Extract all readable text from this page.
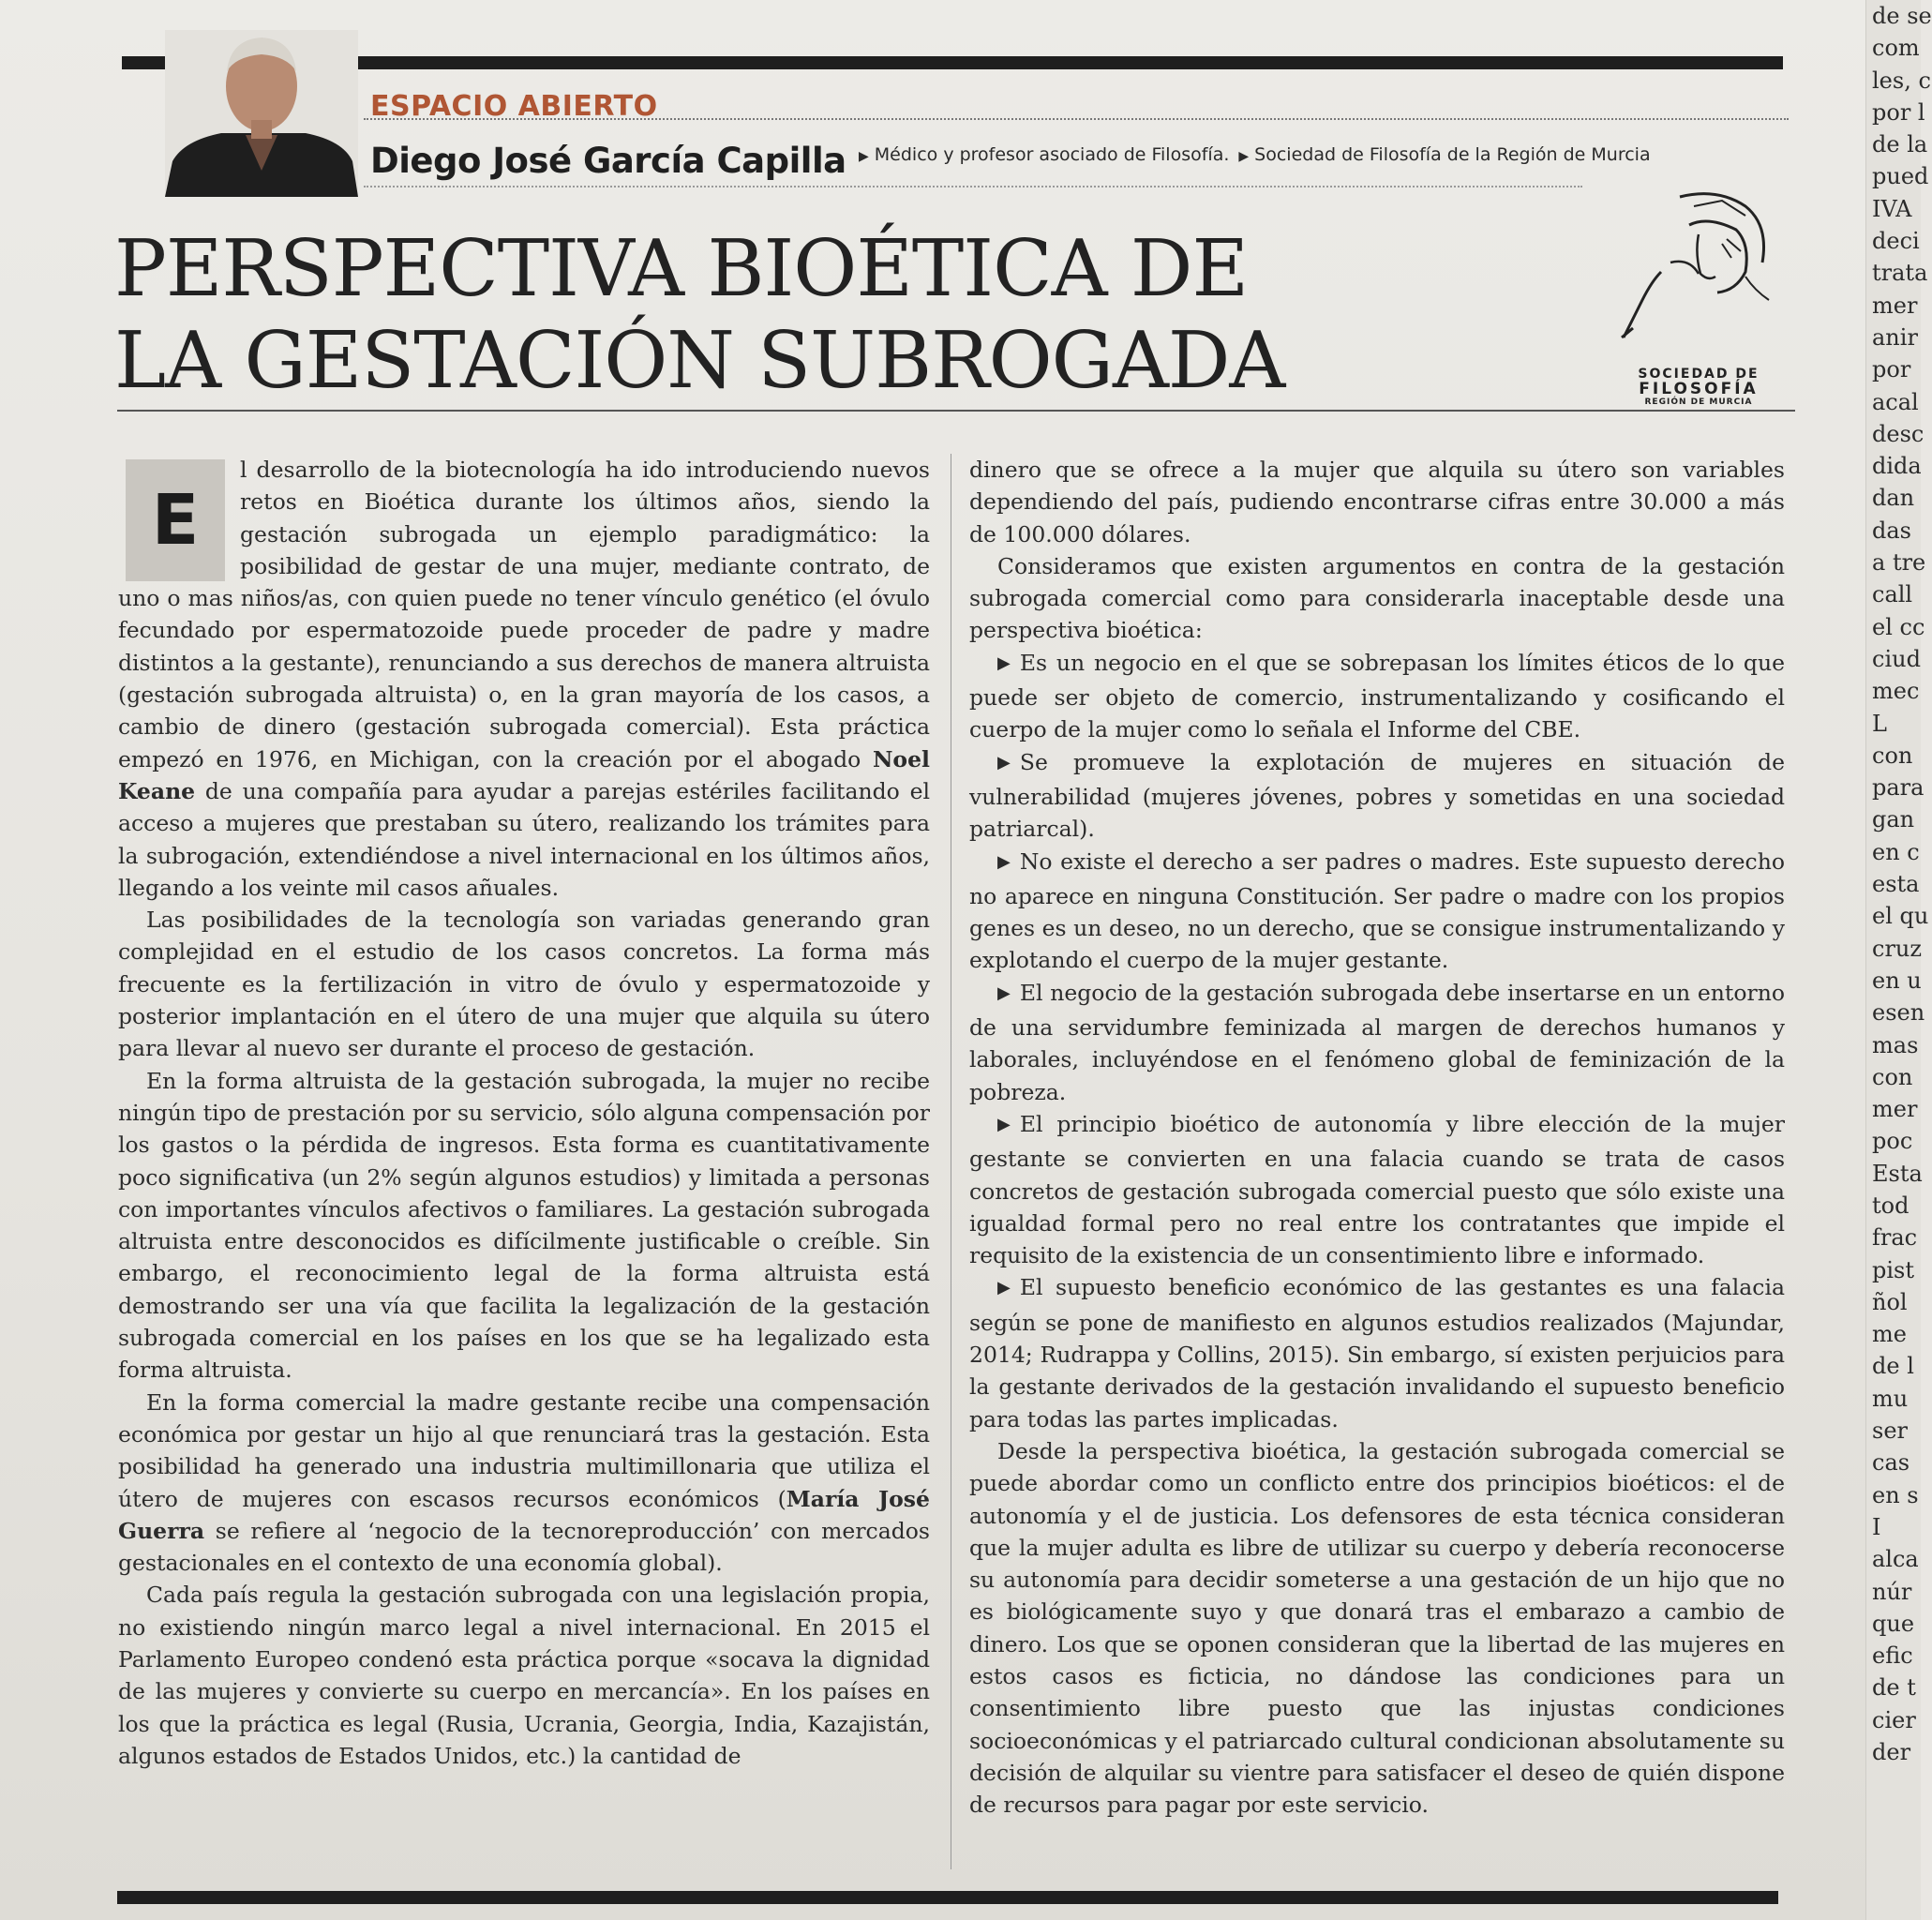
ESPACIO ABIERTO
Diego José García Capilla ▶ Médico y profesor asociado de Filosofía. ▶ Sociedad de Filosofía de la Región de Murcia
PERSPECTIVA BIOÉTICA DE
LA GESTACIÓN SUBROGADA	SOCIEDAD DE
FILOSOFÍA
REGIÓN DE MURCIA

E
l desarrollo de la biotecnología ha ido introduciendo nuevos retos en Bioética durante los últimos años, siendo la gestación subrogada un ejemplo paradigmático: la posibilidad de gestar de una mujer, mediante contrato, de uno o mas niños/as, con quien puede no tener vínculo genético (el óvulo fecundado por espermatozoide puede proceder de padre y madre distintos a la gestante), renunciando a sus derechos de manera altruista (gestación subrogada altruista) o, en la gran mayoría de los casos, a cambio de dinero (gestación subrogada comercial). Esta práctica empezó en 1976, en Michigan, con la creación por el abogado Noel Keane de una compañía para ayudar a parejas estériles facilitando el acceso a mujeres que prestaban su útero, realizando los trámites para la subrogación, extendiéndose a nivel internacional en los últimos años, llegando a los veinte mil casos añuales.

Las posibilidades de la tecnología son variadas generando gran complejidad en el estudio de los casos concretos. La forma más frecuente es la fertilización in vitro de óvulo y espermatozoide y posterior implantación en el útero de una mujer que alquila su útero para llevar al nuevo ser durante el proceso de gestación.

En la forma altruista de la gestación subrogada, la mujer no recibe ningún tipo de prestación por su servicio, sólo alguna compensación por los gastos o la pérdida de ingresos. Esta forma es cuantitativamente poco significativa (un 2% según algunos estudios) y limitada a personas con importantes vínculos afectivos o familiares. La gestación subrogada altruista entre desconocidos es difícilmente justificable o creíble. Sin embargo, el reconocimiento legal de la forma altruista está demostrando ser una vía que facilita la legalización de la gestación subrogada comercial en los países en los que se ha legalizado esta forma altruista.

En la forma comercial la madre gestante recibe una compensación económica por gestar un hijo al que renunciará tras la gestación. Esta posibilidad ha generado una industria multimillonaria que utiliza el útero de mujeres con escasos recursos económicos (María José Guerra se refiere al ‘negocio de la tecnoreproducción’ con mercados gestacionales en el contexto de una economía global).

Cada país regula la gestación subrogada con una legislación propia, no existiendo ningún marco legal a nivel internacional. En 2015 el Parlamento Europeo condenó esta práctica porque «socava la dignidad de las mujeres y convierte su cuerpo en mercancía». En los países en los que la práctica es legal (Rusia, Ucrania, Georgia, India, Kazajistán, algunos estados de Estados Unidos, etc.) la cantidad de

dinero que se ofrece a la mujer que alquila su útero son variables dependiendo del país, pudiendo encontrarse cifras entre 30.000 a más de 100.000 dólares.

Consideramos que existen argumentos en contra de la gestación subrogada comercial como para considerarla inaceptable desde una perspectiva bioética:

▶ Es un negocio en el que se sobrepasan los límites éticos de lo que puede ser objeto de comercio, instrumentalizando y cosificando el cuerpo de la mujer como lo señala el Informe del CBE.

▶ Se promueve la explotación de mujeres en situación de vulnerabilidad (mujeres jóvenes, pobres y sometidas en una sociedad patriarcal).

▶ No existe el derecho a ser padres o madres. Este supuesto derecho no aparece en ninguna Constitución. Ser padre o madre con los propios genes es un deseo, no un derecho, que se consigue instrumentalizando y explotando el cuerpo de la mujer gestante.

▶ El negocio de la gestación subrogada debe insertarse en un entorno de una servidumbre feminizada al margen de derechos humanos y laborales, incluyéndose en el fenómeno global de feminización de la pobreza.

▶ El principio bioético de autonomía y libre elección de la mujer gestante se convierten en una falacia cuando se trata de casos concretos de gestación subrogada comercial puesto que sólo existe una igualdad formal pero no real entre los contratantes que impide el requisito de la existencia de un consentimiento libre e informado.

▶ El supuesto beneficio económico de las gestantes es una falacia según se pone de manifiesto en algunos estudios realizados (Majundar, 2014; Rudrappa y Collins, 2015). Sin embargo, sí existen perjuicios para la gestante derivados de la gestación invalidando el supuesto beneficio para todas las partes implicadas.

Desde la perspectiva bioética, la gestación subrogada comercial se puede abordar como un conflicto entre dos principios bioéticos: el de autonomía y el de justicia. Los defensores de esta técnica consideran que la mujer adulta es libre de utilizar su cuerpo y debería reconocerse su autonomía para decidir someterse a una gestación de un hijo que no es biológicamente suyo y que donará tras el embarazo a cambio de dinero. Los que se oponen consideran que la libertad de las mujeres en estos casos es ficticia, no dándose las condiciones para un consentimiento libre puesto que las injustas condiciones socioeconómicas y el patriarcado cultural condicionan absolutamente su decisión de alquilar su vientre para satisfacer el deseo de quién dispone de recursos para pagar por este servicio.

de se
com
les, c
por l
de la
pued
IVA
deci
trata
mer
anir
por
acal
desc
dida
dan
das
a tre
call
el cc
ciud
mec
L
con
para
gan
en c
esta
el qu
cruz
en u
esen
mas
con
mer
poc
Esta
tod
frac
pist
ñol
me
de l
mu
ser
cas
en s
I
alca
núr
que
efic
de t
cier
der
